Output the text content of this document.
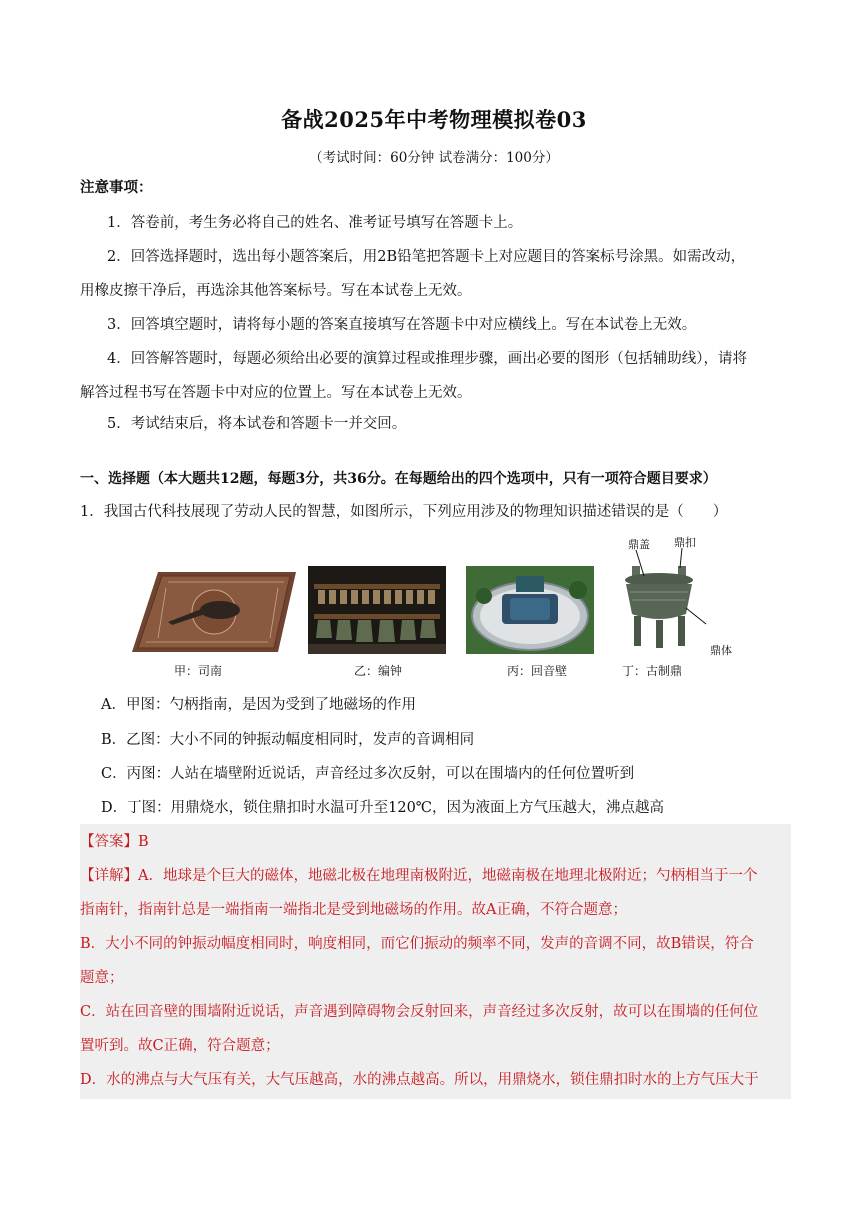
备战2025年中考物理模拟卷03
（考试时间：60分钟 试卷满分：100分）
注意事项：
1．答卷前，考生务必将自己的姓名、准考证号填写在答题卡上。
2．回答选择题时，选出每小题答案后，用2B铅笔把答题卡上对应题目的答案标号涂黑。如需改动，
用橡皮擦干净后，再选涂其他答案标号。写在本试卷上无效。
3．回答填空题时，请将每小题的答案直接填写在答题卡中对应横线上。写在本试卷上无效。
4．回答解答题时，每题必须给出必要的演算过程或推理步骤，画出必要的图形（包括辅助线），请将
解答过程书写在答题卡中对应的位置上。写在本试卷上无效。
5．考试结束后，将本试卷和答题卡一并交回。
一、选择题（本大题共12题，每题3分，共36分。在每题给出的四个选项中，只有一项符合题目要求）
1．我国古代科技展现了劳动人民的智慧，如图所示，下列应用涉及的物理知识描述错误的是（　　）
甲：司南	乙：编钟	丙：回音壁
鼎盖 鼎扣
鼎体
丁：古制鼎
A．甲图：勺柄指南，是因为受到了地磁场的作用
B．乙图：大小不同的钟振动幅度相同时，发声的音调相同
C．丙图：人站在墙壁附近说话，声音经过多次反射，可以在围墙内的任何位置听到
D．丁图：用鼎烧水，锁住鼎扣时水温可升至120℃，因为液面上方气压越大，沸点越高
【答案】B
【详解】A．地球是个巨大的磁体，地磁北极在地理南极附近，地磁南极在地理北极附近；勺柄相当于一个
指南针，指南针总是一端指南一端指北是受到地磁场的作用。故A正确，不符合题意；
B．大小不同的钟振动幅度相同时，响度相同，而它们振动的频率不同，发声的音调不同，故B错误，符合
题意；
C．站在回音壁的围墙附近说话，声音遇到障碍物会反射回来，声音经过多次反射，故可以在围墙的任何位
置听到。故C正确，符合题意；
D．水的沸点与大气压有关，大气压越高，水的沸点越高。所以，用鼎烧水，锁住鼎扣时水的上方气压大于
